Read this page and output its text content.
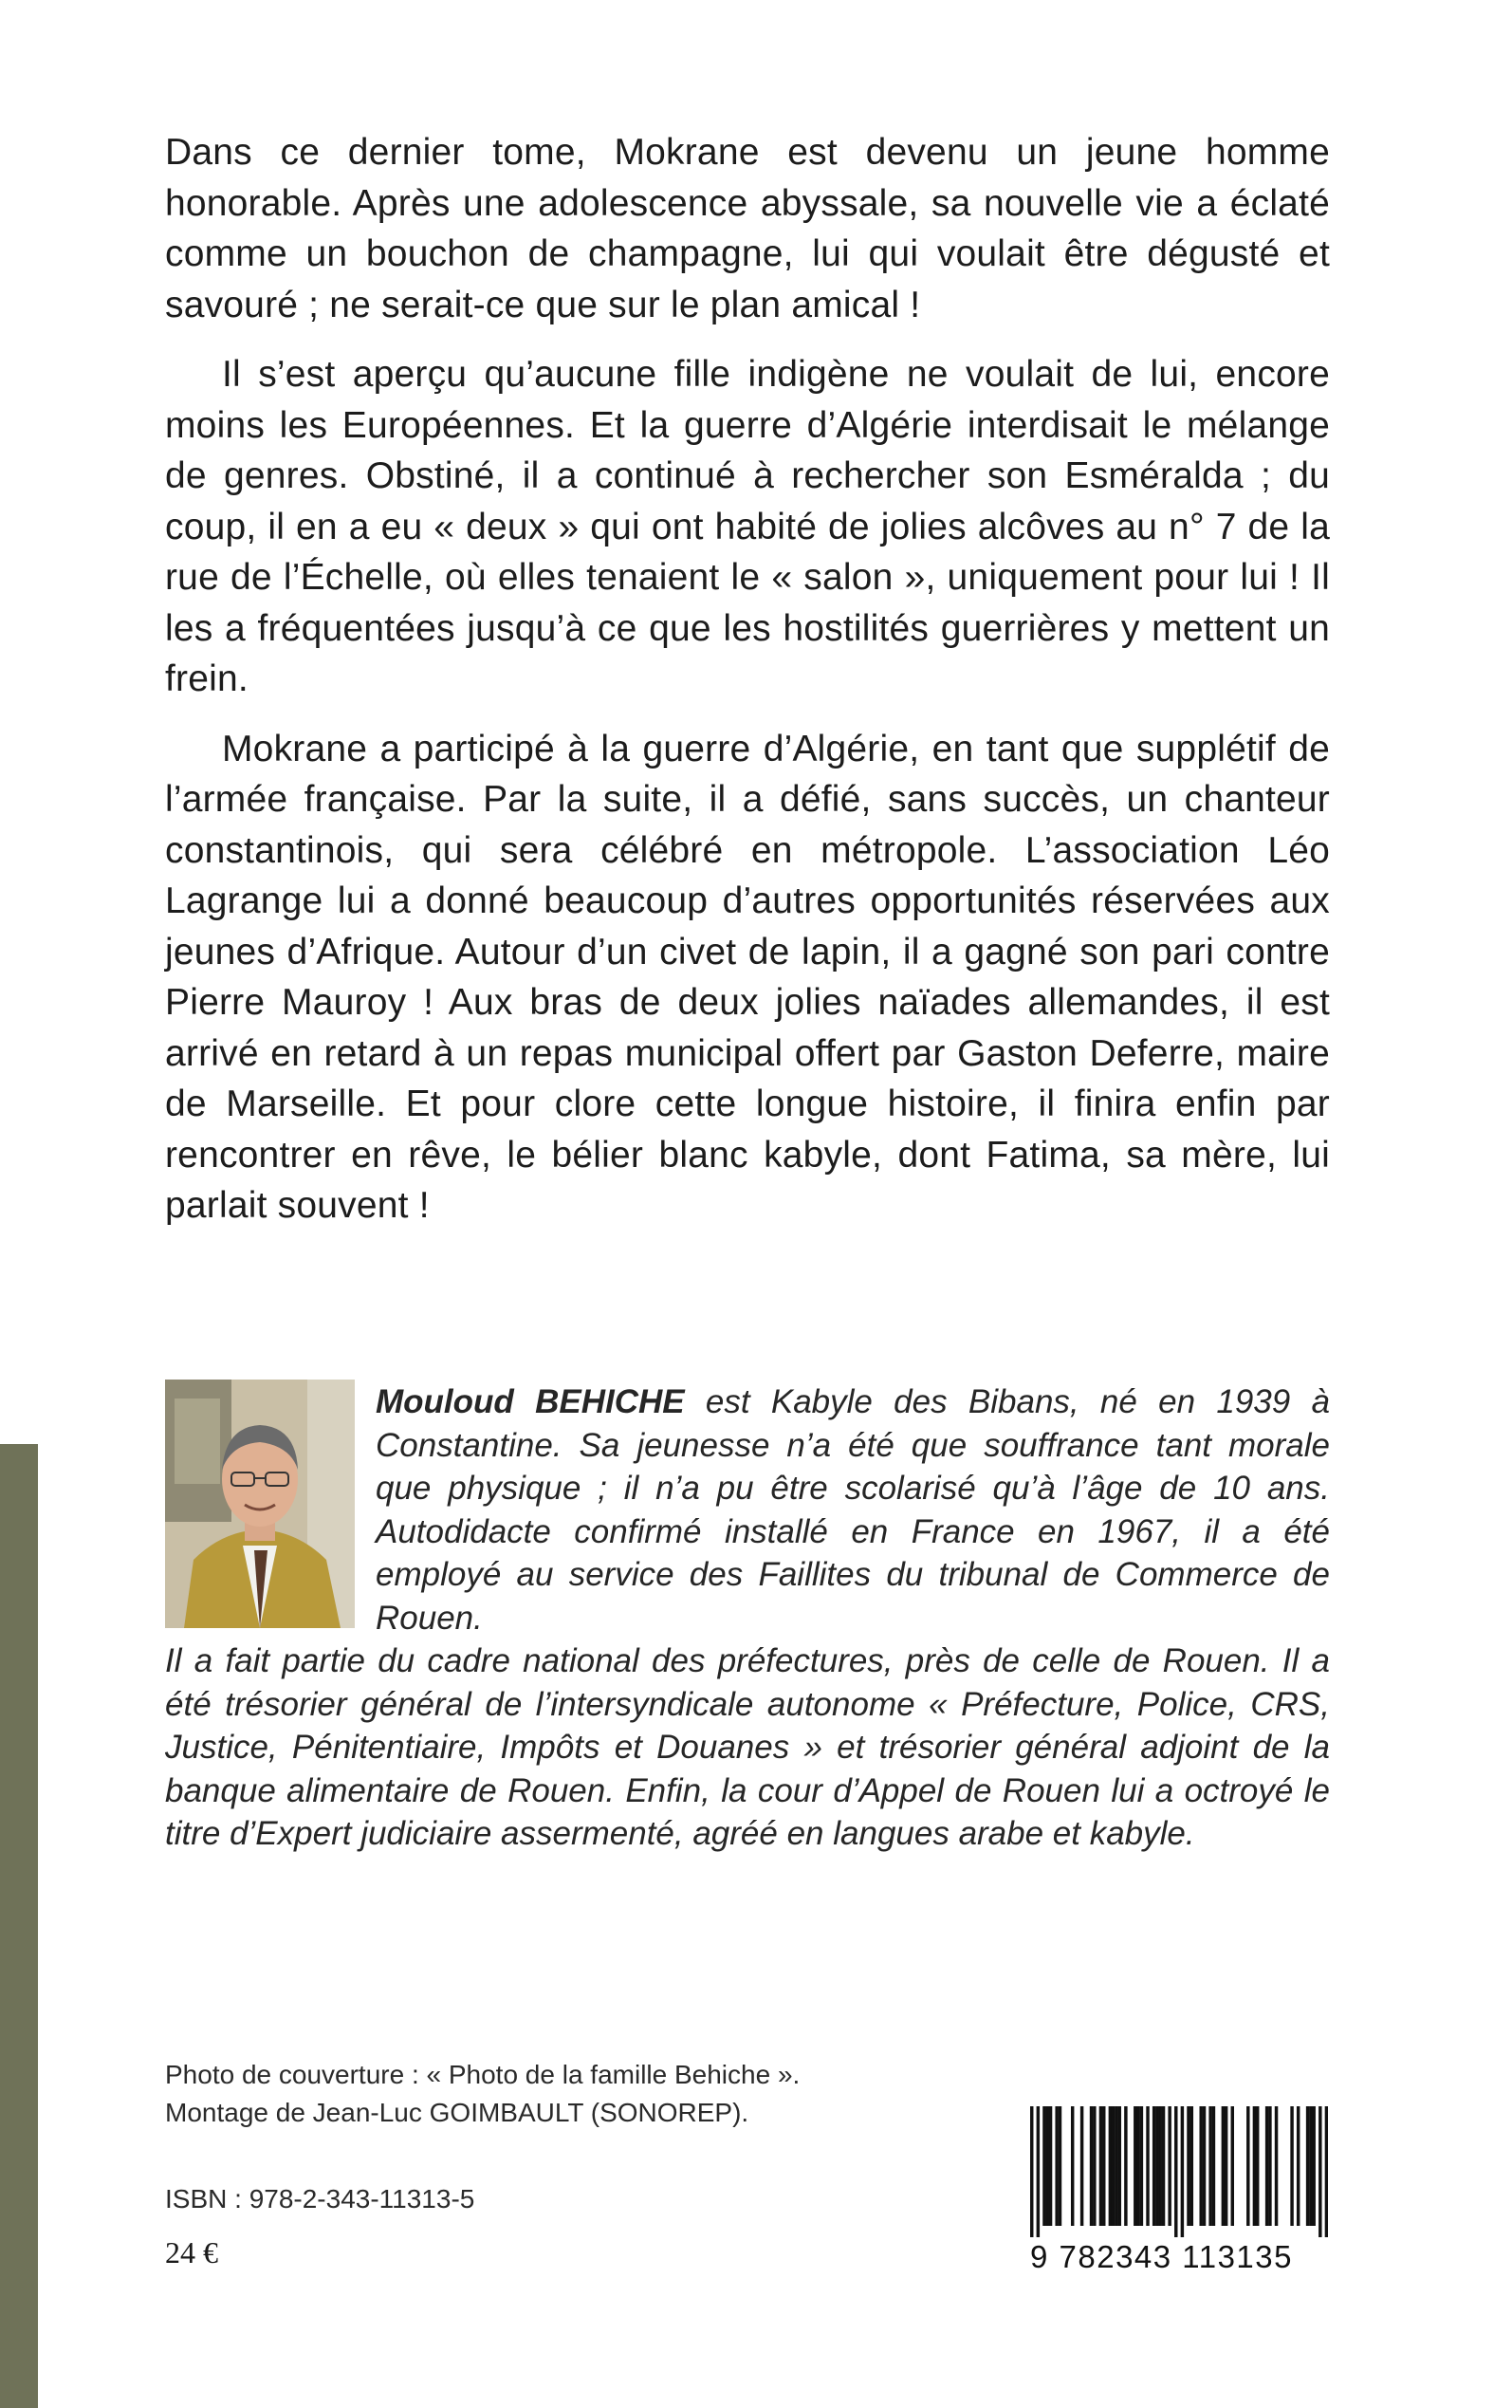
Dans ce dernier tome, Mokrane est devenu un jeune homme honorable. Après une adolescence abyssale, sa nouvelle vie a éclaté comme un bouchon de champagne, lui qui voulait être dégusté et savouré ; ne serait-ce que sur le plan amical !

Il s’est aperçu qu’aucune fille indigène ne voulait de lui, encore moins les Européennes. Et la guerre d’Algérie interdisait le mélange de genres. Obstiné, il a continué à rechercher son Esméralda ; du coup, il en a eu « deux » qui ont habité de jolies alcôves au n° 7 de la rue de l’Échelle, où elles tenaient le « salon », uniquement pour lui ! Il les a fréquentées jusqu’à ce que les hostilités guerrières y mettent un frein.

Mokrane a participé à la guerre d’Algérie, en tant que supplétif de l’armée française. Par la suite, il a défié, sans succès, un chanteur constantinois, qui sera célébré en métropole. L’association Léo Lagrange lui a donné beaucoup d’autres opportunités réservées aux jeunes d’Afrique. Autour d’un civet de lapin, il a gagné son pari contre Pierre Mauroy ! Aux bras de deux jolies naïades allemandes, il est arrivé en retard à un repas municipal offert par Gaston Deferre, maire de Marseille. Et pour clore cette longue histoire, il finira enfin par rencontrer en rêve, le bélier blanc kabyle, dont Fatima, sa mère, lui parlait souvent !

Mouloud BEHICHE est Kabyle des Bibans, né en 1939 à Constantine. Sa jeunesse n’a été que souffrance tant morale que physique ; il n’a pu être scolarisé qu’à l’âge de 10 ans. Autodidacte confirmé installé en France en 1967, il a été employé au service des Faillites du tribunal de Commerce de Rouen.

Il a fait partie du cadre national des préfectures, près de celle de Rouen. Il a été trésorier général de l’intersyndicale autonome « Préfecture, Police, CRS, Justice, Pénitentiaire, Impôts et Douanes » et trésorier général adjoint de la banque alimentaire de Rouen. Enfin, la cour d’Appel de Rouen lui a octroyé le titre d’Expert judiciaire assermenté, agréé en langues arabe et kabyle.

Photo de couverture : « Photo de la famille Behiche ».
Montage de Jean-Luc GOIMBAULT (SONOREP).
ISBN : 978-2-343-11313-5
24 €	9 782343 113135
